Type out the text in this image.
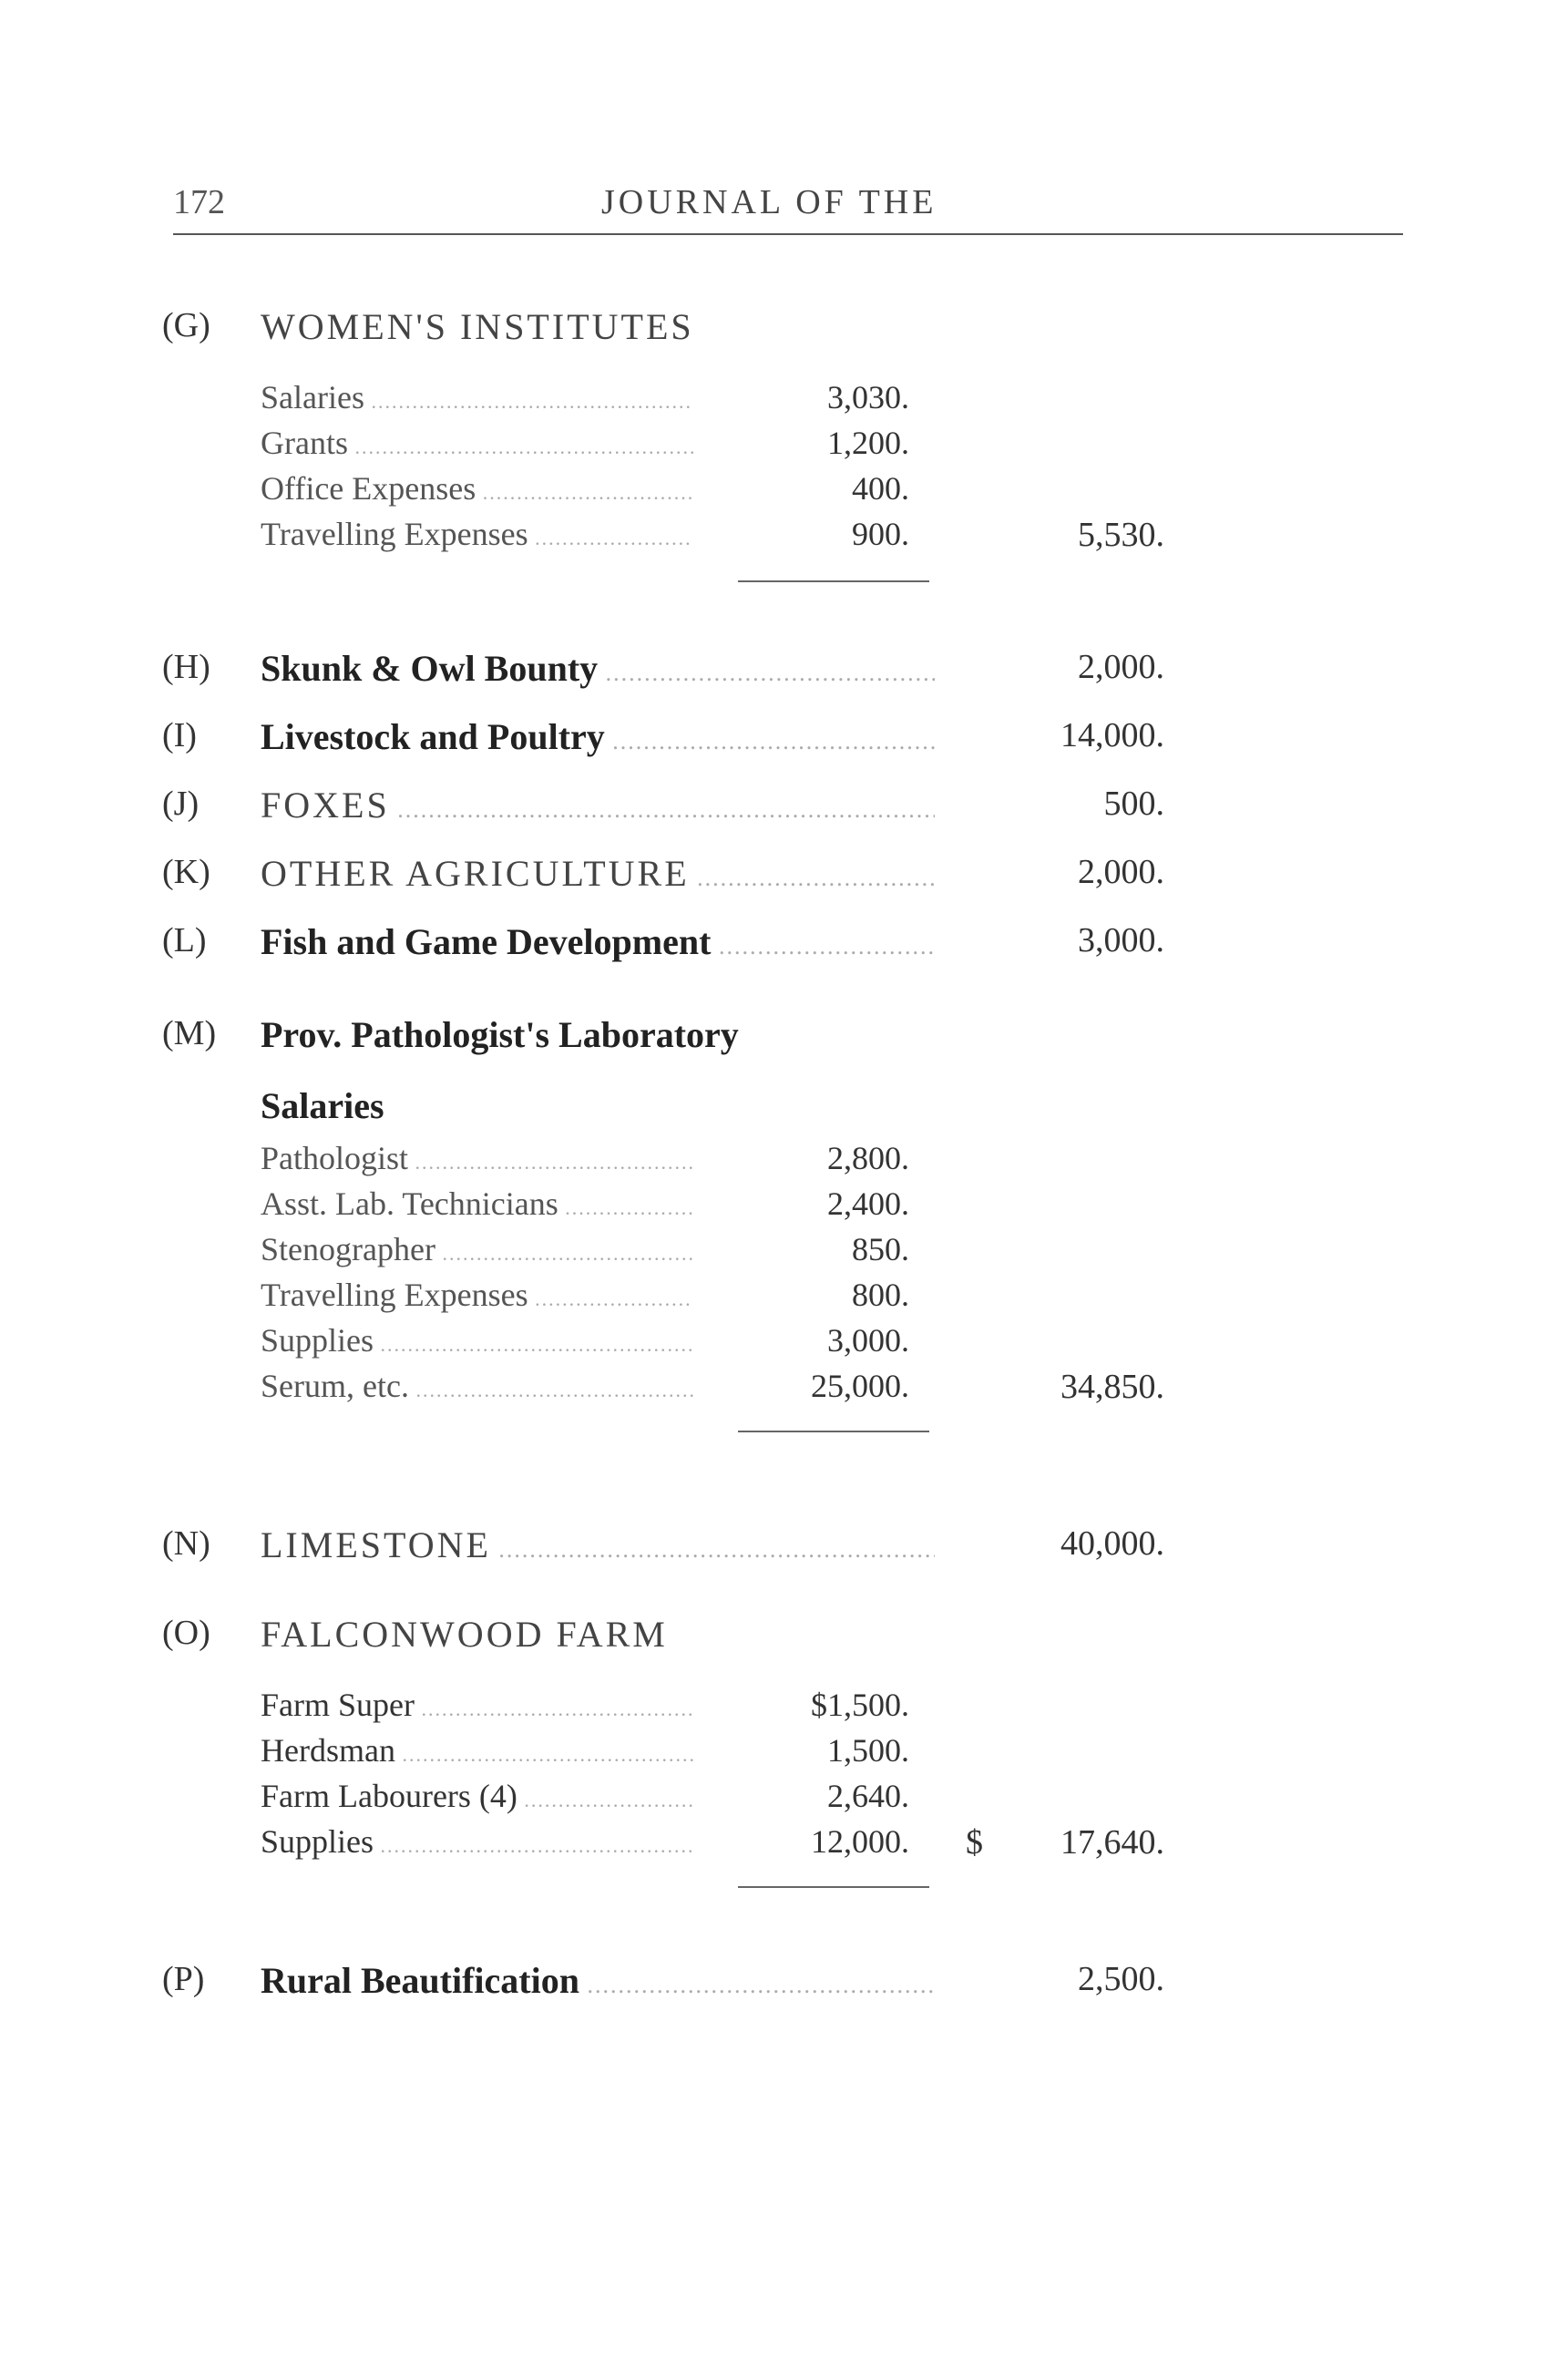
172	JOURNAL OF THE
(G) WOMEN'S INSTITUTES
Salaries .....	3,030.
Grants .....	1,200.
Office Expenses .....	400.
Travelling Expenses .....	900.	5,530.
(H) Skunk & Owl Bounty .....	2,000.
(I) Livestock and Poultry .....	14,000.
(J) FOXES .....	500.
(K) OTHER AGRICULTURE .....	2,000.
(L) Fish and Game Development .....	3,000.
(M) Prov. Pathologist's Laboratory
Salaries
Pathologist .....	2,800.
Asst. Lab. Technicians .....	2,400.
Stenographer .....	850.
Travelling Expenses .....	800.
Supplies .....	3,000.
Serum, etc. .....	25,000.	34,850.
(N) LIMESTONE .....	40,000.
(O) FALCONWOOD FARM
Farm Super .....	$1,500.
Herdsman .....	1,500.
Farm Labourers (4) .....	2,640.
Supplies .....	12,000. $ 17,640.
(P) Rural Beautification .....	2,500.
